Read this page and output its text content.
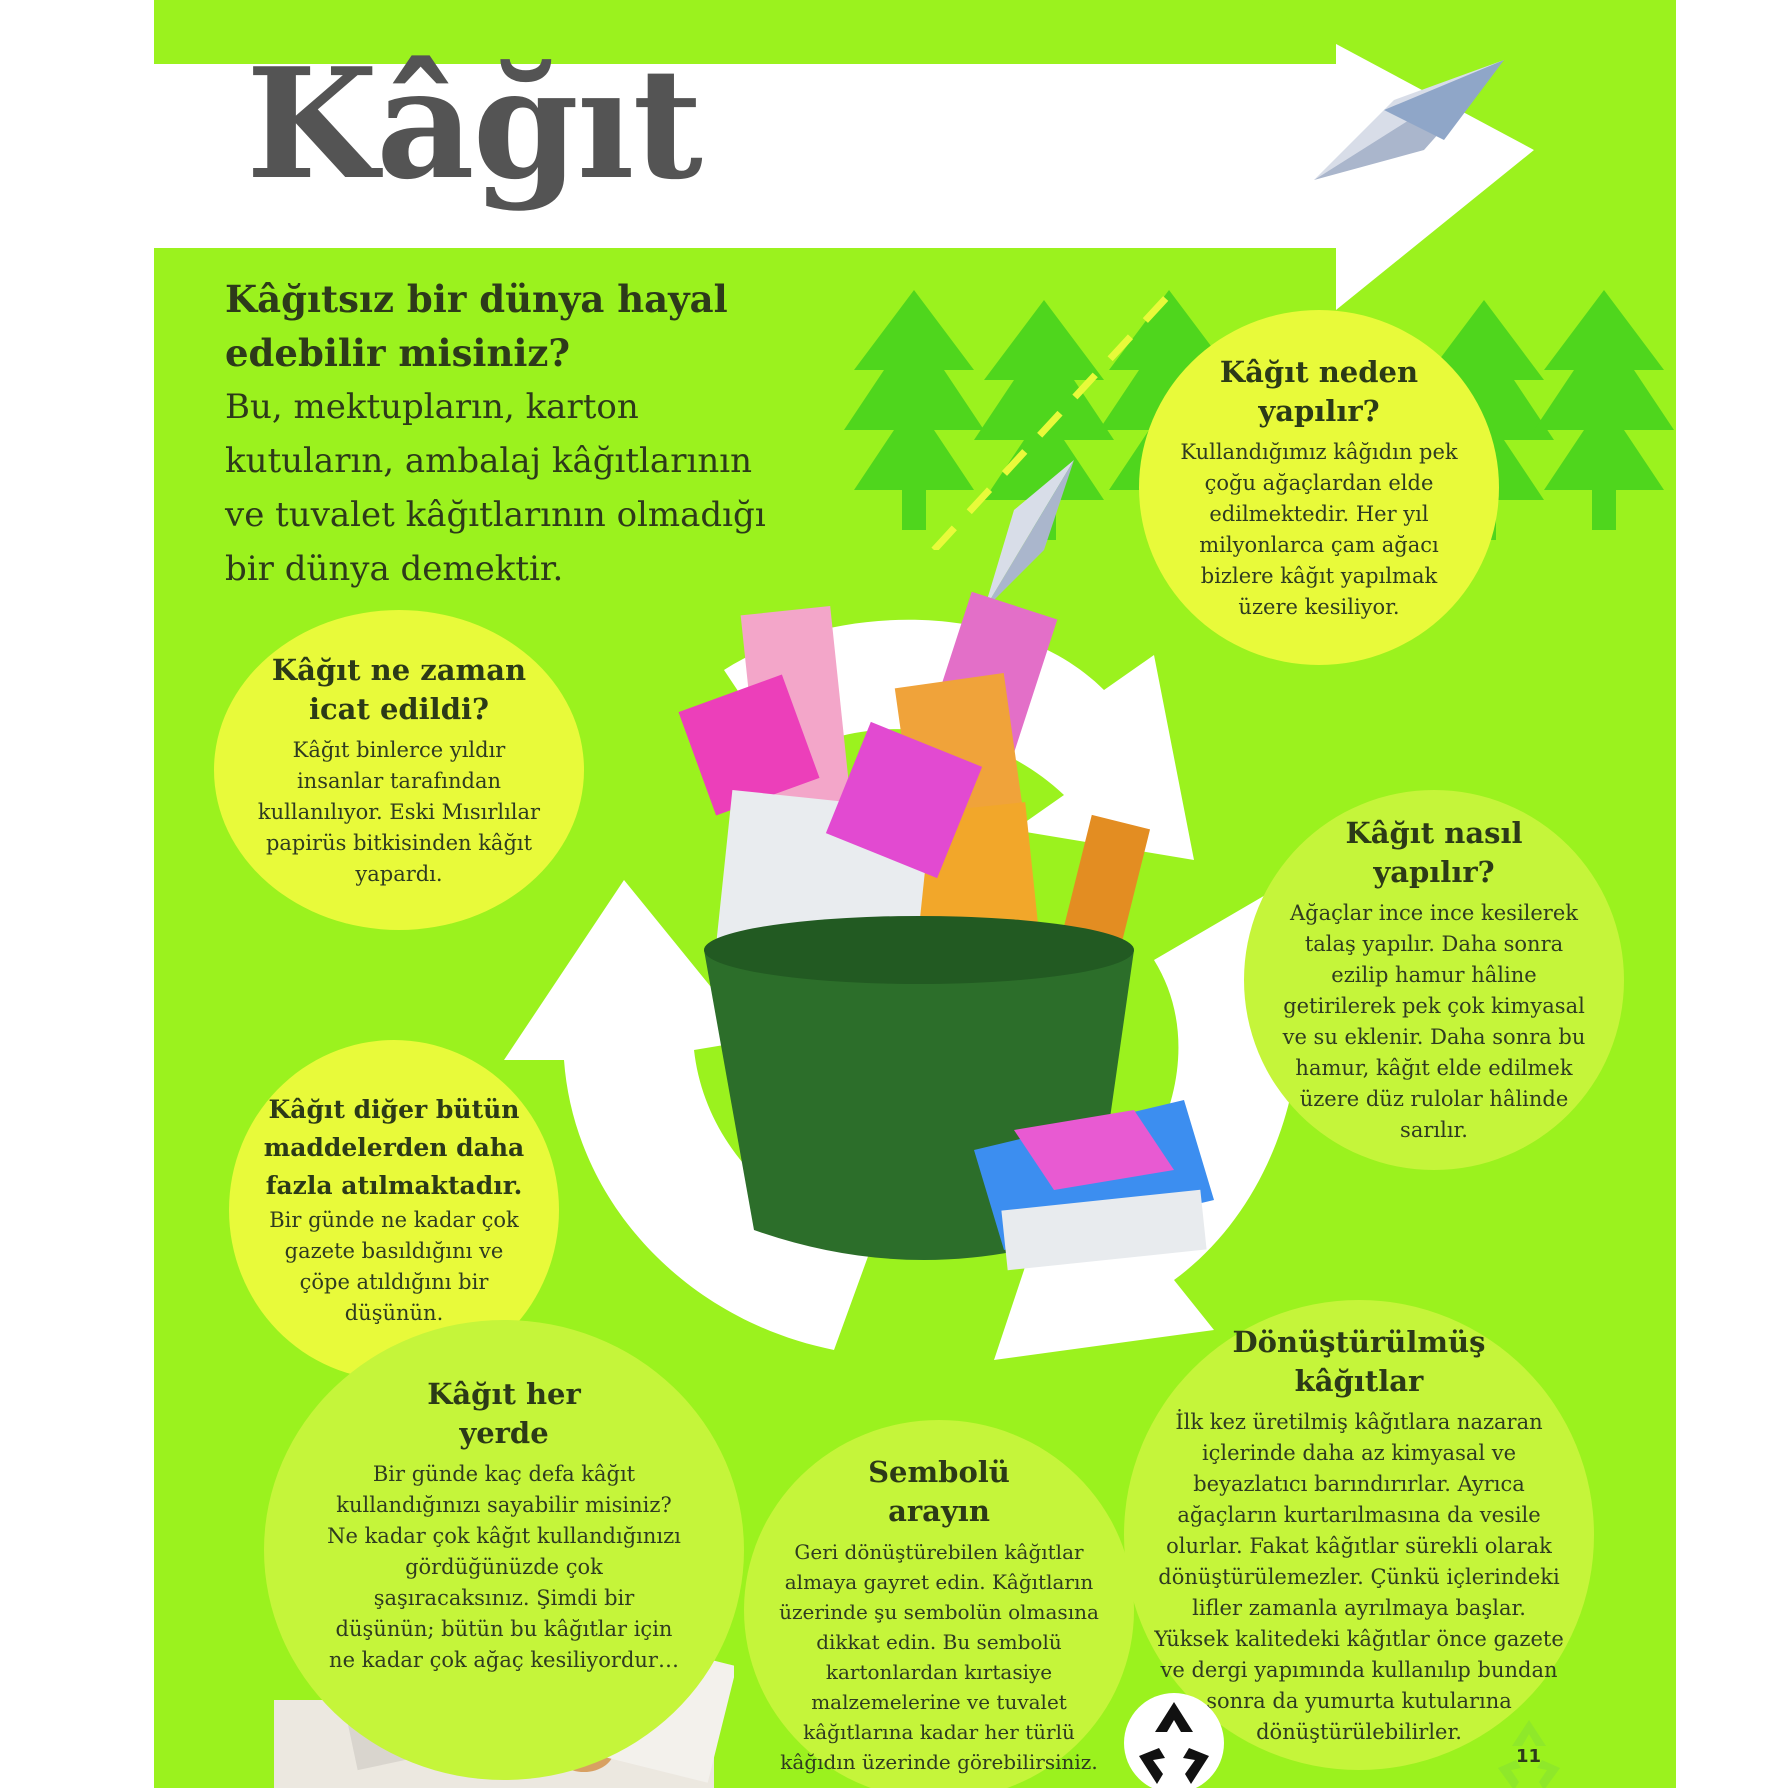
Kâğıt

Kâğıtsız bir dünya hayal edebilir misiniz?

Bu, mektupların, karton kutuların, ambalaj kâğıtlarının ve tuvalet kâğıtlarının olmadığı bir dünya demektir.

Kâğıt neden yapılır?

Kullandığımız kâğıdın pek çoğu ağaçlardan elde edilmektedir. Her yıl milyonlarca çam ağacı bizlere kâğıt yapılmak üzere kesiliyor.

Kâğıt ne zaman icat edildi?

Kâğıt binlerce yıldır insanlar tarafından kullanılıyor. Eski Mısırlılar papirüs bitkisinden kâğıt yapardı.

Kâğıt nasıl yapılır?

Ağaçlar ince ince kesilerek talaş yapılır. Daha sonra ezilip hamur hâline getirilerek pek çok kimyasal ve su eklenir. Daha sonra bu hamur, kâğıt elde edilmek üzere düz rulolar hâlinde sarılır.

Kâğıt diğer bütün maddelerden daha fazla atılmaktadır.

Bir günde ne kadar çok gazete basıldığını ve çöpe atıldığını bir düşünün.

Kâğıt her yerde

Bir günde kaç defa kâğıt kullandığınızı sayabilir misiniz? Ne kadar çok kâğıt kullandığınızı gördüğünüzde çok şaşıracaksınız. Şimdi bir düşünün; bütün bu kâğıtlar için ne kadar çok ağaç kesiliyordur…

Sembolü arayın

Geri dönüştürebilen kâğıtlar almaya gayret edin. Kâğıtların üzerinde şu sembolün olmasına dikkat edin. Bu sembolü kartonlardan kırtasiye malzemelerine ve tuvalet kâğıtlarına kadar her türlü kâğıdın üzerinde görebilirsiniz.

Dönüştürülmüş kâğıtlar

İlk kez üretilmiş kâğıtlara nazaran içlerinde daha az kimyasal ve beyazlatıcı barındırırlar. Ayrıca ağaçların kurtarılmasına da vesile olurlar. Fakat kâğıtlar sürekli olarak dönüştürülemezler. Çünkü içlerindeki lifler zamanla ayrılmaya başlar. Yüksek kalitedeki kâğıtlar önce gazete ve dergi yapımında kullanılıp bundan sonra da yumurta kutularına dönüştürülebilirler.

11
